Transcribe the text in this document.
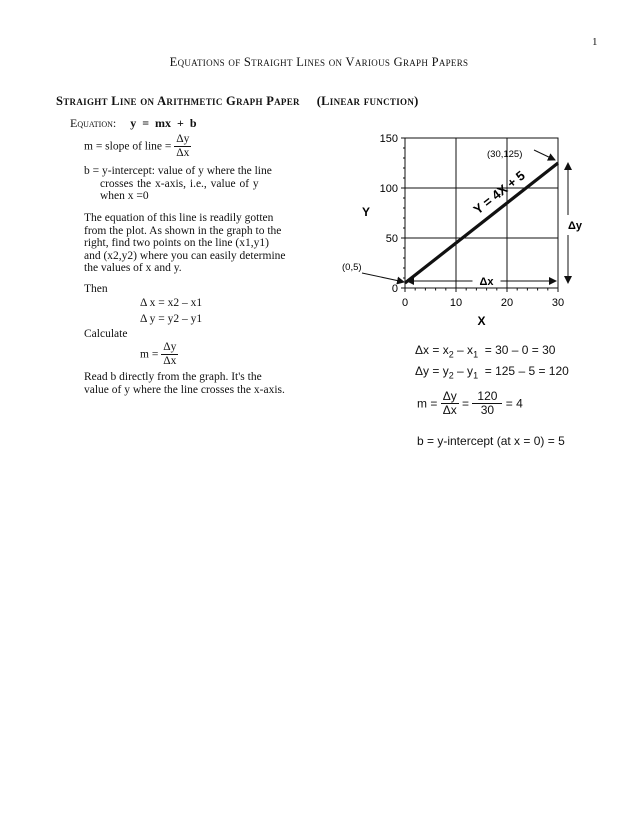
1
Equations of Straight Lines on Various Graph Papers
Straight Line on Arithmetic Graph Paper (Linear function)
Equation: y  =  mx  +  b
m = slope of line = $\frac{\Delta y}{\Delta x}$

b = y-intercept: value of y where the line

crosses the x-axis, i.e., value of y

when x =0

The equation of this line is readily gotten

from the plot. As shown in the graph to the

right, find two points on the line (x1,y1)

and (x2,y2) where you can easily determine

the values of x and y.

Then
Δ x = x2 – x1
Δ y = y2 – y1
Calculate
$m = \frac{\Delta y}{\Delta x}$

Read b directly from the graph. It's the

value of y where the line crosses the x-axis.

0
50
100
150
0	10	20	30
Y = 4X + 5
(0,5)
(30,125)
Δx
Δy
X
Y
$\Delta x = x_2 - x_1 = 30 - 0 = 30$
$\Delta y = y_2 - y_1 = 125 - 5 = 120$
$m = \frac{\Delta y}{\Delta x} = \frac{120}{30} = 4$
b = y-intercept (at x = 0) = 5
